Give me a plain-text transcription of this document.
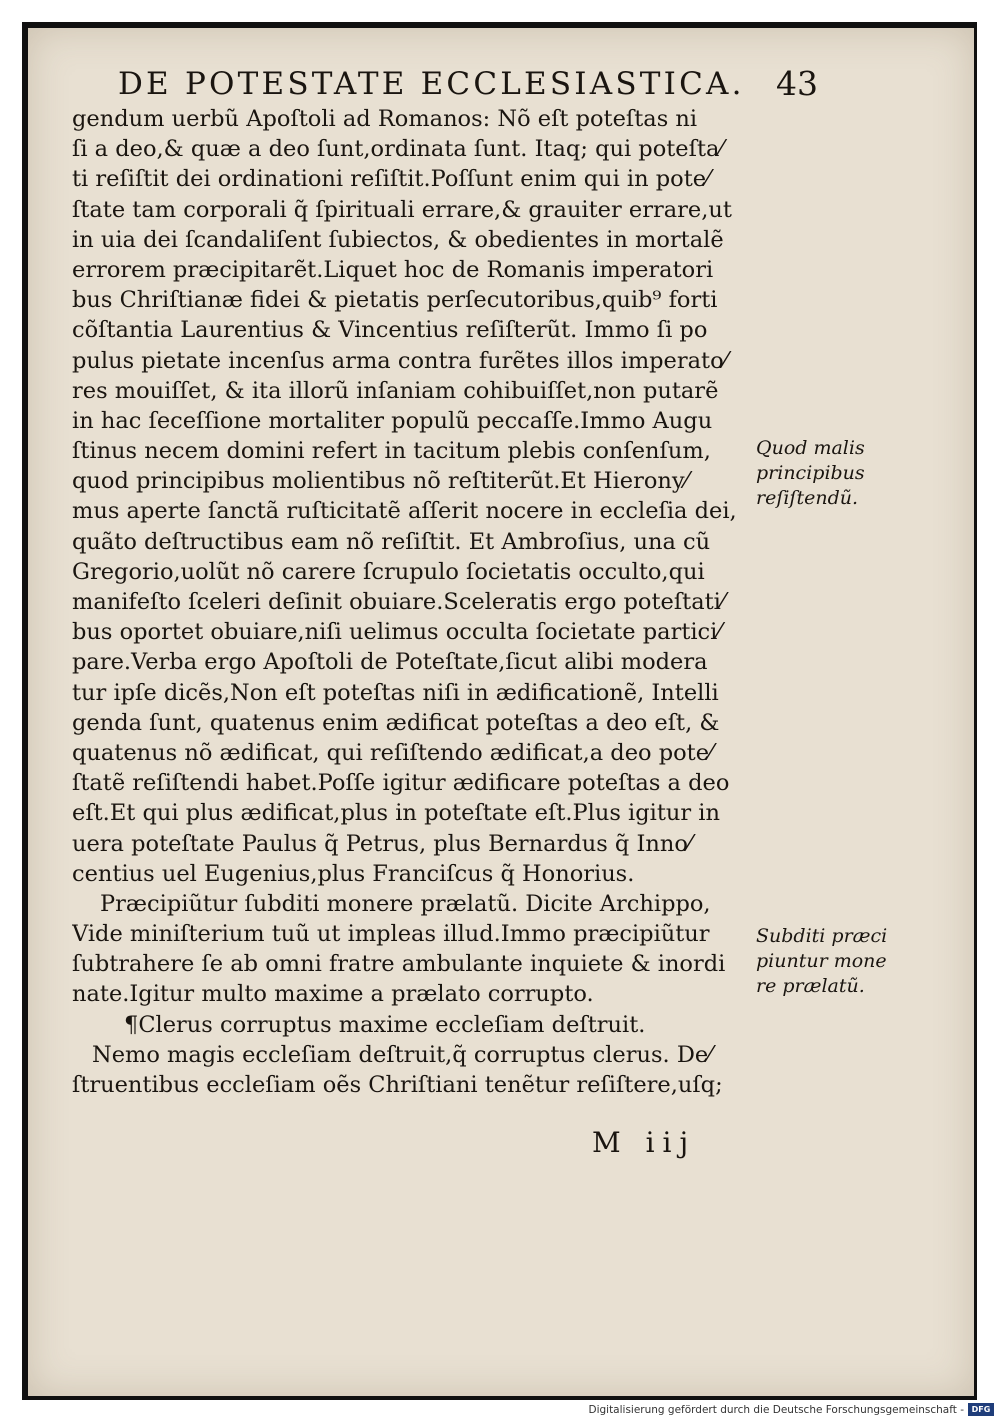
DE POTESTATE ECCLESIASTICA. 43
gendum uerbũ Apoſtoli ad Romanos: Nõ eſt poteſtas ni
ſi a deo,& quæ a deo ſunt,ordinata ſunt. Itaq; qui poteſta⁄
ti reſiſtit dei ordinationi reſiſtit.Poſſunt enim qui in pote⁄
ſtate tam corporali q̃ ſpirituali errare,& grauiter errare,ut
in uia dei ſcandaliſent ſubiectos, & obedientes in mortalẽ
errorem præcipitarẽt.Liquet hoc de Romanis imperatori
bus Chriſtianæ fidei & pietatis perſecutoribus,quib⁹ forti
cõſtantia Laurentius & Vincentius reſiſterũt. Immo ſi po
pulus pietate incenſus arma contra furẽtes illos imperato⁄
res mouiſſet, & ita illorũ inſaniam cohibuiſſet,non putarẽ
in hac ſeceſſione mortaliter populũ peccaſſe.Immo Augu
ſtinus necem domini refert in tacitum plebis conſenſum,
quod principibus molientibus nõ reſtiterũt.Et Hierony⁄
mus aperte ſanctã ruſticitatẽ aſſerit nocere in eccleſia dei,
quãto deſtructibus eam nõ reſiſtit. Et Ambroſius, una cũ
Gregorio,uolũt nõ carere ſcrupulo ſocietatis occulto,qui
manifeſto ſceleri deſinit obuiare.Sceleratis ergo poteſtati⁄
bus oportet obuiare,niſi uelimus occulta ſocietate partici⁄
pare.Verba ergo Apoſtoli de Poteſtate,ſicut alibi modera
tur ipſe dicẽs,Non eſt poteſtas niſi in ædificationẽ, Intelli
genda ſunt, quatenus enim ædificat poteſtas a deo eſt, &
quatenus nõ ædificat, qui reſiſtendo ædificat,a deo pote⁄
ſtatẽ reſiſtendi habet.Poſſe igitur ædificare poteſtas a deo
eſt.Et qui plus ædificat,plus in poteſtate eſt.Plus igitur in
uera poteſtate Paulus q̃ Petrus, plus Bernardus q̃ Inno⁄
centius uel Eugenius,plus Franciſcus q̃ Honorius.
Præcipiũtur ſubditi monere prælatũ. Dicite Archippo,
Vide miniſterium tuũ ut impleas illud.Immo præcipiũtur
ſubtrahere ſe ab omni fratre ambulante inquiete & inordi
nate.Igitur multo maxime a prælato corrupto.
¶Clerus corruptus maxime eccleſiam deſtruit.
Nemo magis eccleſiam deſtruit,q̃ corruptus clerus. De⁄
ſtruentibus eccleſiam oẽs Chriſtiani tenẽtur reſiſtere,uſq;
Quod malis
principibus
reſiſtendũ.
Subditi præci
piuntur mone
re prælatũ.
M iij
Digitalisierung gefördert durch die Deutsche Forschungsgemeinschaft - DFG
